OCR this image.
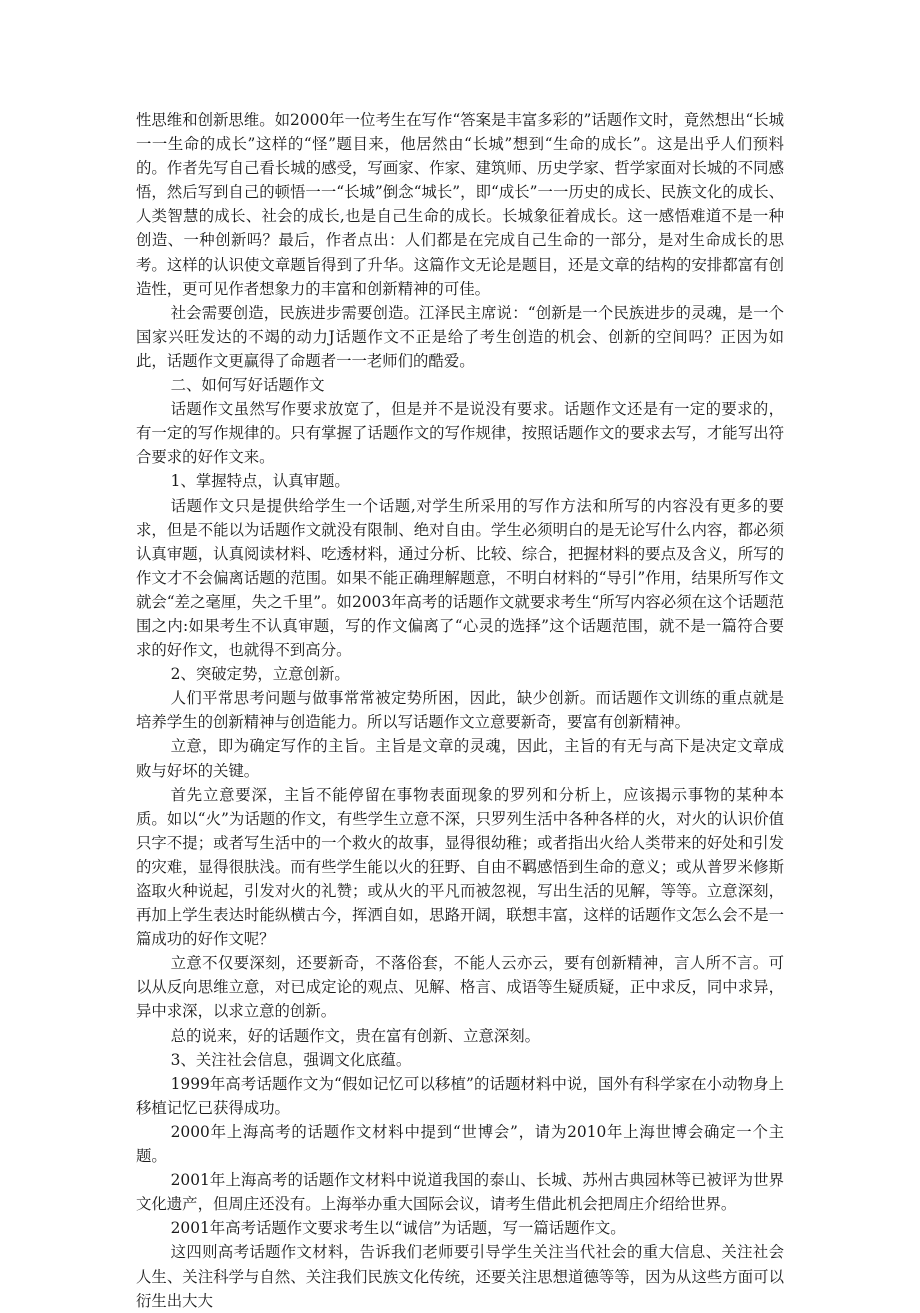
性思维和创新思维。如2000年一位考生在写作“答案是丰富多彩的”话题作文时，竟然想出“长城一一生命的成长”这样的“怪”题目来，他居然由“长城”想到“生命的成长”。这是出乎人们预料的。作者先写自己看长城的感受，写画家、作家、建筑师、历史学家、哲学家面对长城的不同感悟，然后写到自己的顿悟一一“长城”倒念“城长”，即“成长”一一历史的成长、民族文化的成长、人类智慧的成长、社会的成长,也是自己生命的成长。长城象征着成长。这一感悟难道不是一种创造、一种创新吗？最后，作者点出：人们都是在完成自己生命的一部分，是对生命成长的思考。这样的认识使文章题旨得到了升华。这篇作文无论是题目，还是文章的结构的安排都富有创造性，更可见作者想象力的丰富和创新精神的可佳。

社会需要创造，民族进步需要创造。江泽民主席说：“创新是一个民族进步的灵魂，是一个国家兴旺发达的不竭的动力J话题作文不正是给了考生创造的机会、创新的空间吗？正因为如此，话题作文更赢得了命题者一一老师们的酷爱。

二、如何写好话题作文

话题作文虽然写作要求放宽了，但是并不是说没有要求。话题作文还是有一定的要求的，有一定的写作规律的。只有掌握了话题作文的写作规律，按照话题作文的要求去写，才能写出符合要求的好作文来。

1、掌握特点，认真审题。

话题作文只是提供给学生一个话题,对学生所采用的写作方法和所写的内容没有更多的要求，但是不能以为话题作文就没有限制、绝对自由。学生必须明白的是无论写什么内容，都必须认真审题，认真阅读材料、吃透材料，通过分析、比较、综合，把握材料的要点及含义，所写的作文才不会偏离话题的范围。如果不能正确理解题意，不明白材料的“导引”作用，结果所写作文就会“差之毫厘，失之千里”。如2003年高考的话题作文就要求考生“所写内容必须在这个话题范围之内:如果考生不认真审题，写的作文偏离了“心灵的选择”这个话题范围，就不是一篇符合要求的好作文，也就得不到高分。

2、突破定势，立意创新。

人们平常思考问题与做事常常被定势所困，因此，缺少创新。而话题作文训练的重点就是培养学生的创新精神与创造能力。所以写话题作文立意要新奇，要富有创新精神。

立意，即为确定写作的主旨。主旨是文章的灵魂，因此，主旨的有无与高下是决定文章成败与好坏的关键。

首先立意要深，主旨不能停留在事物表面现象的罗列和分析上，应该揭示事物的某种本质。如以“火”为话题的作文，有些学生立意不深，只罗列生活中各种各样的火，对火的认识价值只字不提；或者写生活中的一个救火的故事，显得很幼稚；或者指出火给人类带来的好处和引发的灾难，显得很肤浅。而有些学生能以火的狂野、自由不羁感悟到生命的意义；或从普罗米修斯盗取火种说起，引发对火的礼赞；或从火的平凡而被忽视，写出生活的见解，等等。立意深刻，再加上学生表达时能纵横古今，挥洒自如，思路开阔，联想丰富，这样的话题作文怎么会不是一篇成功的好作文呢？

立意不仅要深刻，还要新奇，不落俗套，不能人云亦云，要有创新精神，言人所不言。可以从反向思维立意，对已成定论的观点、见解、格言、成语等生疑质疑，正中求反，同中求异，异中求深，以求立意的创新。

总的说来，好的话题作文，贵在富有创新、立意深刻。

3、关注社会信息，强调文化底蕴。

1999年高考话题作文为“假如记忆可以移植”的话题材料中说，国外有科学家在小动物身上移植记忆已获得成功。

2000年上海高考的话题作文材料中提到“世博会”，请为2010年上海世博会确定一个主题。

2001年上海高考的话题作文材料中说道我国的泰山、长城、苏州古典园林等已被评为世界文化遗产，但周庄还没有。上海举办重大国际会议，请考生借此机会把周庄介绍给世界。

2001年高考话题作文要求考生以“诚信”为话题，写一篇话题作文。

这四则高考话题作文材料，告诉我们老师要引导学生关注当代社会的重大信息、关注社会人生、关注科学与自然、关注我们民族文化传统，还要关注思想道德等等，因为从这些方面可以衍生出大大
